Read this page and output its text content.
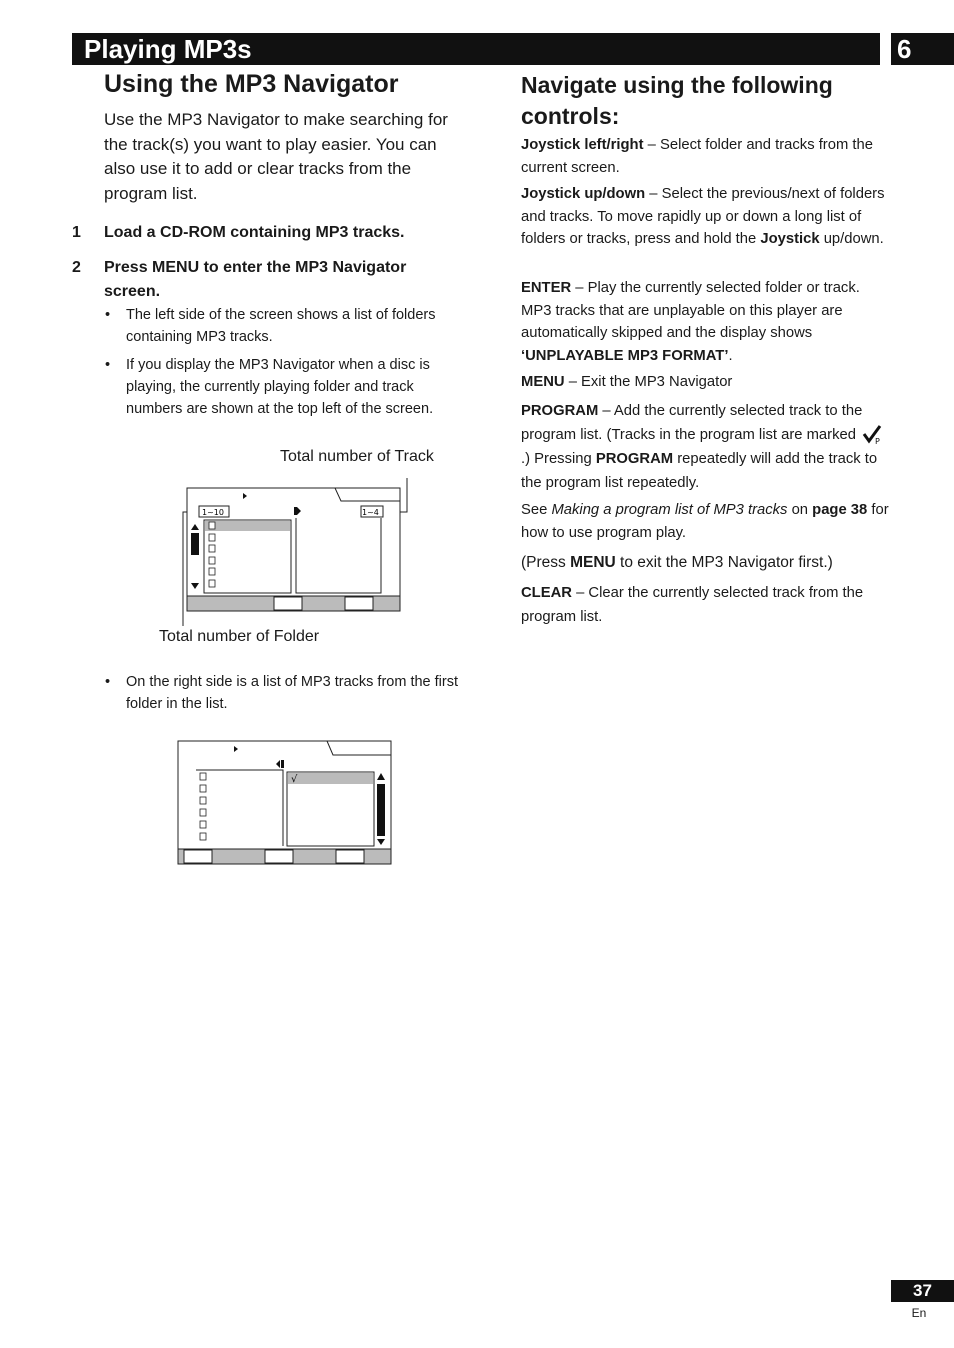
Playing MP3s	6
Using the MP3 Navigator
Use the MP3 Navigator to make searching for the track(s) you want to play easier. You can also use it to add or clear tracks from the program list.
1 Load a CD-ROM containing MP3 tracks.
2 Press MENU to enter the MP3 Navigator screen.
• The left side of the screen shows a list of folders containing MP3 tracks.
• If you display the MP3 Navigator when a disc is playing, the currently playing folder and track numbers are shown at the top left of the screen.
Total number of Track
Total number of Folder
1~10	1~4
• On the right side is a list of MP3 tracks from the first folder in the list.
√
Navigate using the following controls:
Joystick left/right – Select folder and tracks from the current screen.
Joystick up/down – Select the previous/next of folders and tracks. To move rapidly up or down a long list of folders or tracks, press and hold the Joystick up/down.
ENTER – Play the currently selected folder or track. MP3 tracks that are unplayable on this player are automatically skipped and the display shows ‘UNPLAYABLE MP3 FORMAT’.
MENU – Exit the MP3 Navigator
PROGRAM – Add the currently selected track to the program list. (Tracks in the program list are marked P
.) Pressing PROGRAM repeatedly will add the track to the program list repeatedly.
See Making a program list of MP3 tracks on page 38 for how to use program play.
(Press MENU to exit the MP3 Navigator first.)
CLEAR – Clear the currently selected track from the program list.
37
En
